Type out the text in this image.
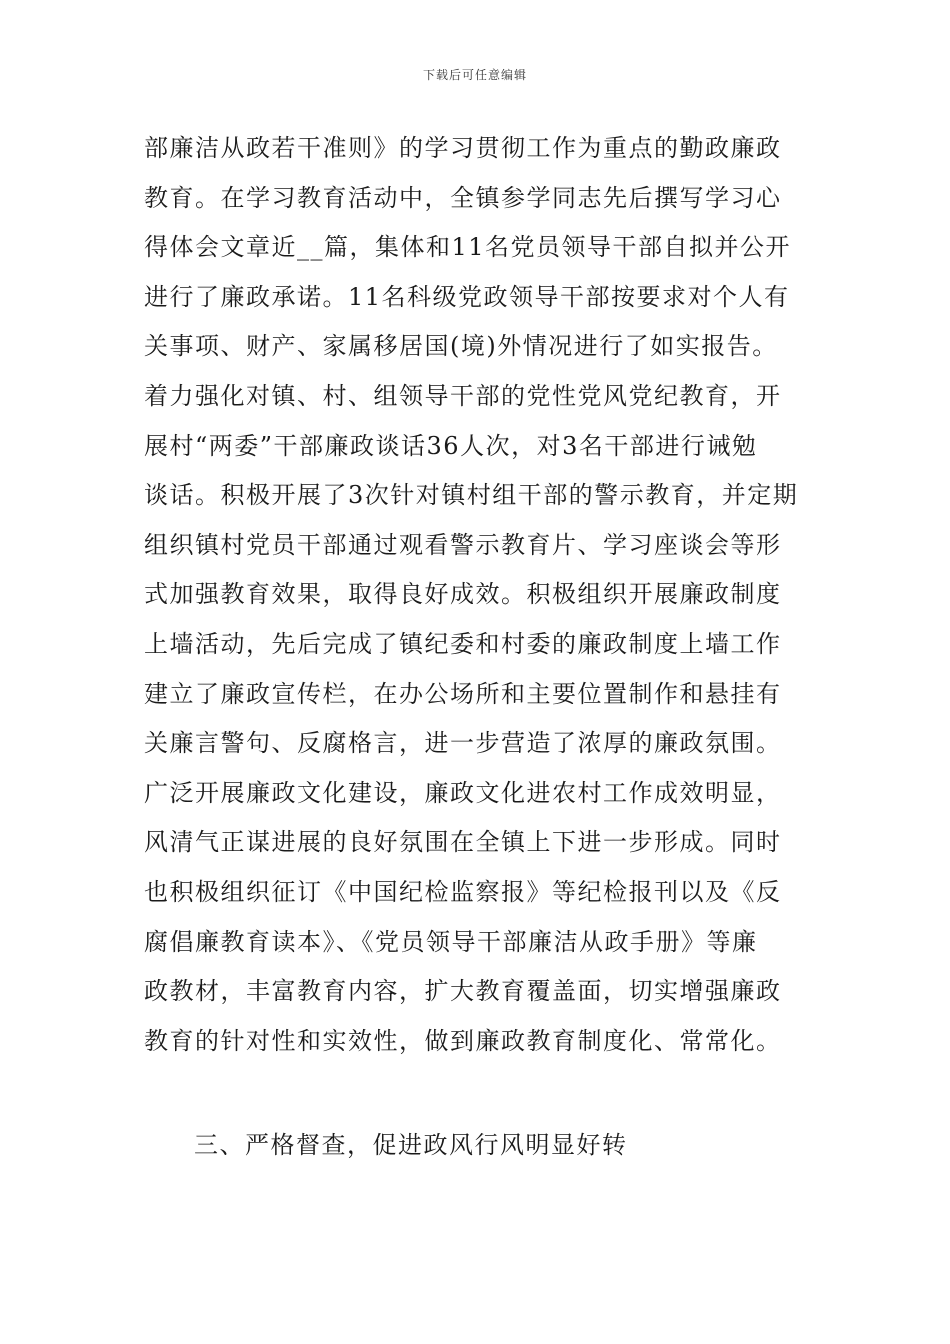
下载后可任意编辑
部廉洁从政若干准则》的学习贯彻工作为重点的勤政廉政
教育。在学习教育活动中，全镇参学同志先后撰写学习心
得体会文章近__篇，集体和11名党员领导干部自拟并公开
进行了廉政承诺。11名科级党政领导干部按要求对个人有
关事项、财产、家属移居国(境)外情况进行了如实报告。
着力强化对镇、村、组领导干部的党性党风党纪教育，开
展村“两委”干部廉政谈话36人次，对3名干部进行诫勉
谈话。积极开展了3次针对镇村组干部的警示教育，并定期
组织镇村党员干部通过观看警示教育片、学习座谈会等形
式加强教育效果，取得良好成效。积极组织开展廉政制度
上墙活动，先后完成了镇纪委和村委的廉政制度上墙工作
建立了廉政宣传栏，在办公场所和主要位置制作和悬挂有
关廉言警句、反腐格言，进一步营造了浓厚的廉政氛围。
广泛开展廉政文化建设，廉政文化进农村工作成效明显，
风清气正谋进展的良好氛围在全镇上下进一步形成。同时
也积极组织征订《中国纪检监察报》等纪检报刊以及《反
腐倡廉教育读本》、《党员领导干部廉洁从政手册》等廉
政教材，丰富教育内容，扩大教育覆盖面，切实增强廉政
教育的针对性和实效性，做到廉政教育制度化、常常化。
三、严格督查，促进政风行风明显好转
